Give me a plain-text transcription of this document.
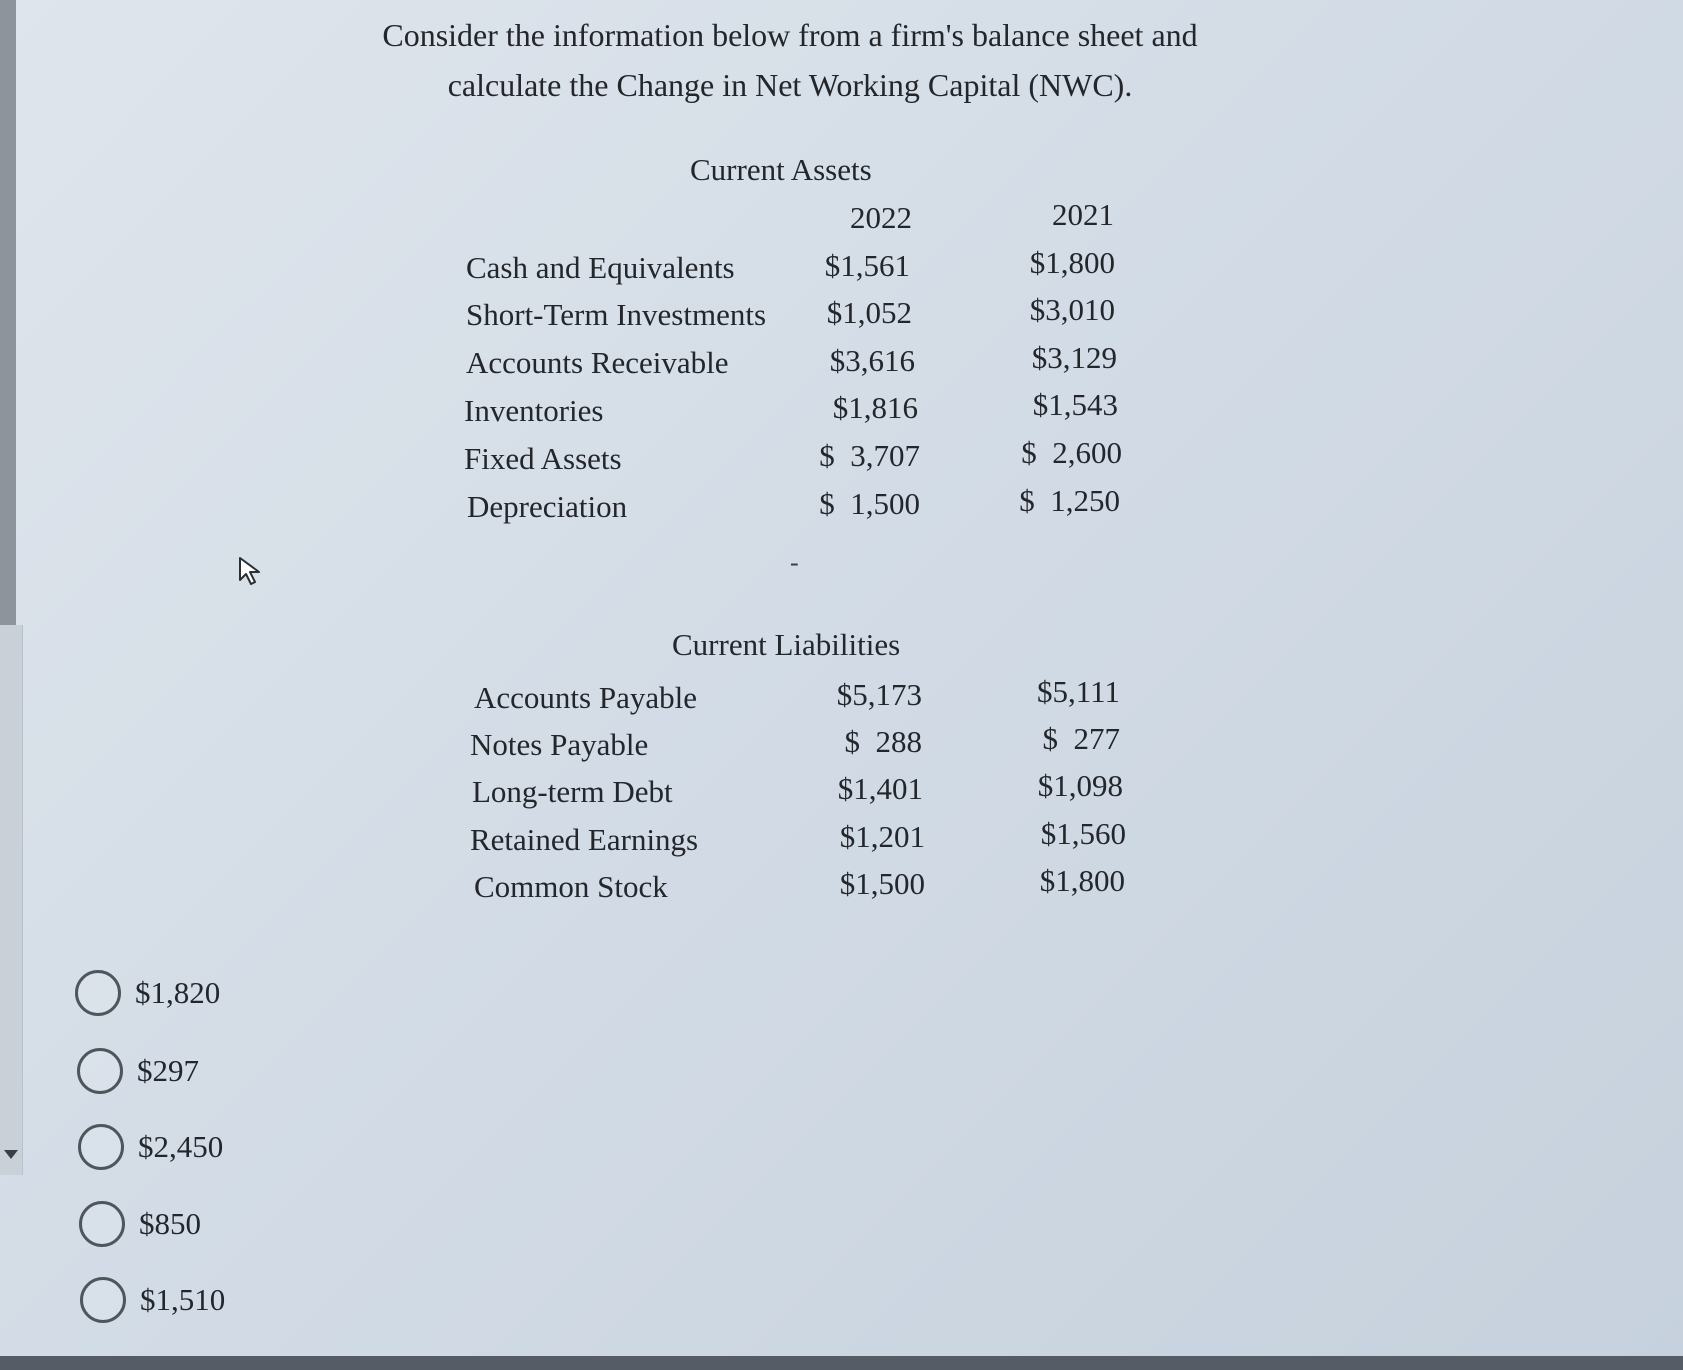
Consider the information below from a firm's balance sheet and
calculate the Change in Net Working Capital (NWC).
Current Assets
2022	2021
Cash and Equivalents	$1,561	$1,800
Short-Term Investments	$1,052	$3,010
Accounts Receivable	$3,616	$3,129
Inventories	$1,816	$1,543
Fixed Assets	$  3,707	$  2,600
Depreciation	$  1,500	$  1,250
-
Current Liabilities
Accounts Payable	$5,173	$5,111
Notes Payable	$  288	$  277
Long-term Debt	$1,401	$1,098
Retained Earnings	$1,201	$1,560
Common Stock	$1,500	$1,800
$1,820
$297
$2,450
$850
$1,510
